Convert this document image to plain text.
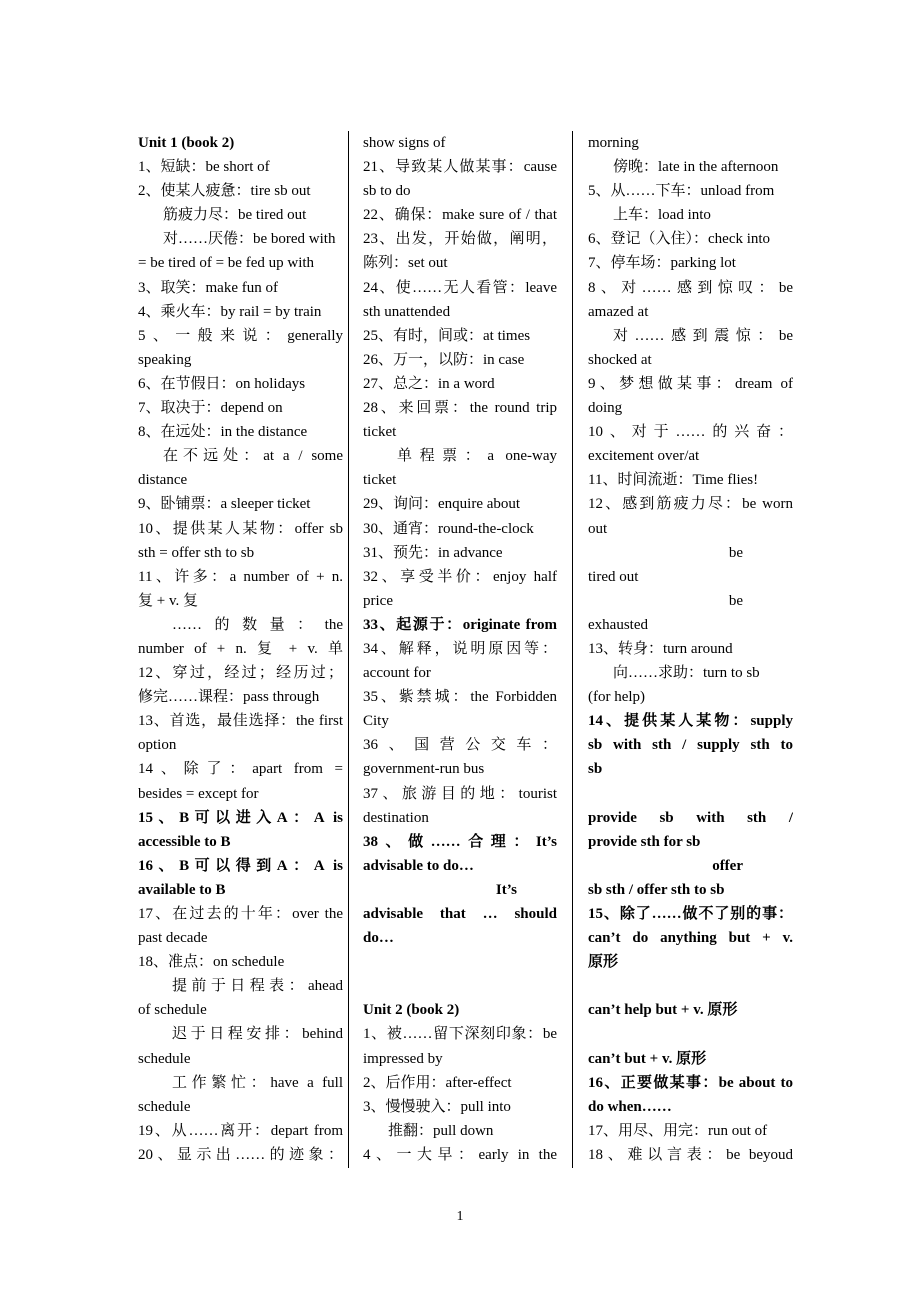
Unit 1 (book 2)
1、短缺：be short of
2、使某人疲惫：tire sb out
筋疲力尽：be tired out
对……厌倦：be bored with
= be tired of = be fed up with
3、取笑：make fun of
4、乘火车：by rail = by train
5、一般来说：generally
speaking
6、在节假日：on holidays
7、取决于：depend on
8、在远处：in the distance
在不远处：at a / some
distance
9、卧铺票：a sleeper ticket
10、提供某人某物：offer sb
sth = offer sth to sb
11、许多：a number of + n.
复 + v. 复
……的数量：the
number of + n. 复 + v. 单
12、穿过，经过；经历过；
修完……课程：pass through
13、首选，最佳选择：the first
option
14、除了：apart from =
besides = except for
15、B可以进入A：A is
accessible to B
16、B可以得到A：A is
available to B
17、在过去的十年：over the
past decade
18、准点：on schedule
提前于日程表：ahead
of schedule
迟于日程安排：behind
schedule
工作繁忙：have a full
schedule
19、从……离开：depart from
20、显示出……的迹象：
show signs of
21、导致某人做某事：cause
sb to do
22、确保：make sure of / that
23、出发，开始做，阐明，
陈列：set out
24、使……无人看管：leave
sth unattended
25、有时，间或：at times
26、万一，以防：in case
27、总之：in a word
28、来回票：the round trip
ticket
单程票：a one-way
ticket
29、询问：enquire about
30、通宵：round-the-clock
31、预先：in advance
32、享受半价：enjoy half
price
33、起源于：originate from
34、解释，说明原因等：
account for
35、紫禁城：the Forbidden
City
36、国营公交车：
government-run bus
37、旅游目的地：tourist
destination
38、做……合理：It’s
advisable to do…
It’s
advisable that … should
do…
Unit 2 (book 2)
1、被……留下深刻印象：be
impressed by
2、后作用：after-effect
3、慢慢驶入：pull into
推翻：pull down
4、一大早：early in the
morning
傍晚：late in the afternoon
5、从……下车：unload from
上车：load into
6、登记（入住）：check into
7、停车场：parking lot
8、对……感到惊叹：be
amazed at
对……感到震惊：be
shocked at
9、梦想做某事：dream of
doing
10、对于……的兴奋：
excitement over/at
11、时间流逝：Time flies!
12、感到筋疲力尽：be worn
out
be
tired out
be
exhausted
13、转身：turn around
向……求助：turn to sb
(for help)
14、提供某人某物：supply
sb with sth / supply sth to
sb
provide sb with sth /
provide sth for sb
offer
sb sth / offer sth to sb
15、除了……做不了别的事：
can’t do anything but + v.
原形
can’t help but + v. 原形
can’t but + v. 原形
16、正要做某事：be about to
do when……
17、用尽、用完：run out of
18、难以言表：be beyoud
1
